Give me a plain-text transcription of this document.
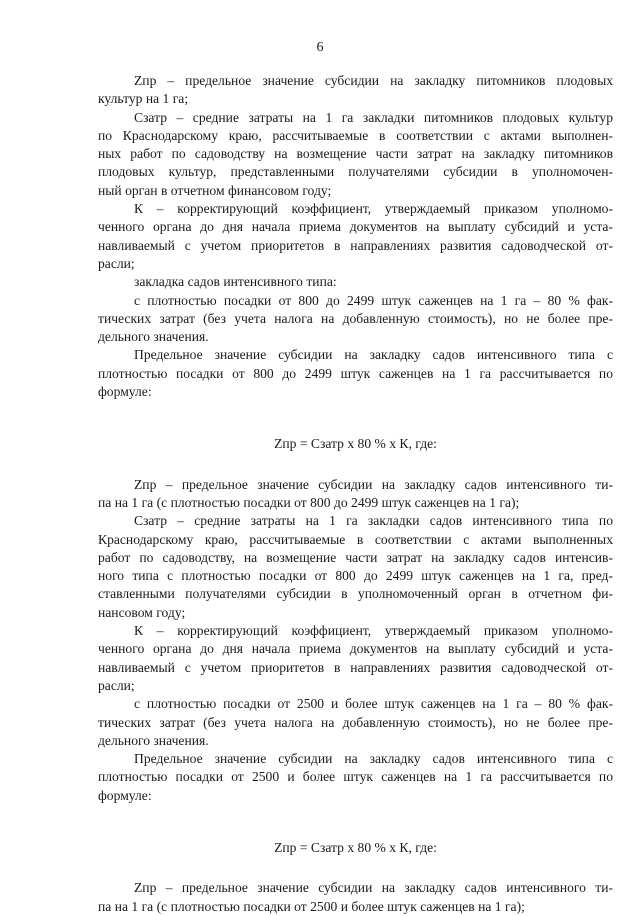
6

Zпр – предельное значение субсидии на закладку питомников плодовых
культур на 1 га;

Сзатр – средние затраты на 1 га закладки питомников плодовых культур
по Краснодарскому краю, рассчитываемые в соответствии с актами выполнен-
ных работ по садоводству на возмещение части затрат на закладку питомников
плодовых культур, представленными получателями субсидии в уполномочен-
ный орган в отчетном финансовом году;

К – корректирующий коэффициент, утверждаемый приказом уполномо-
ченного органа до дня начала приема документов на выплату субсидий и уста-
навливаемый с учетом приоритетов в направлениях развития садоводческой от-
расли;

закладка садов интенсивного типа:

с плотностью посадки от 800 до 2499 штук саженцев на 1 га – 80 % фак-
тических затрат (без учета налога на добавленную стоимость), но не более пре-
дельного значения.

Предельное значение субсидии на закладку садов интенсивного типа с
плотностью посадки от 800 до 2499 штук саженцев на 1 га рассчитывается по
формуле:

Zпр = Сзатр х 80 % х К, где:

Zпр – предельное значение субсидии на закладку садов интенсивного ти-
па на 1 га (с плотностью посадки от 800 до 2499 штук саженцев на 1 га);

Сзатр – средние затраты на 1 га закладки садов интенсивного типа по
Краснодарскому краю, рассчитываемые в соответствии с актами выполненных
работ по садоводству, на возмещение части затрат на закладку садов интенсив-
ного типа с плотностью посадки от 800 до 2499 штук саженцев на 1 га, пред-
ставленными получателями субсидии в уполномоченный орган в отчетном фи-
нансовом году;

К – корректирующий коэффициент, утверждаемый приказом уполномо-
ченного органа до дня начала приема документов на выплату субсидий и уста-
навливаемый с учетом приоритетов в направлениях развития садоводческой от-
расли;

с плотностью посадки от 2500 и более штук саженцев на 1 га – 80 % фак-
тических затрат (без учета налога на добавленную стоимость), но не более пре-
дельного значения.

Предельное значение субсидии на закладку садов интенсивного типа с
плотностью посадки от 2500 и более штук саженцев на 1 га рассчитывается по
формуле:

Zпр = Сзатр х 80 % х К, где:

Zпр – предельное значение субсидии на закладку садов интенсивного ти-
па на 1 га (с плотностью посадки от 2500 и более штук саженцев на 1 га);
